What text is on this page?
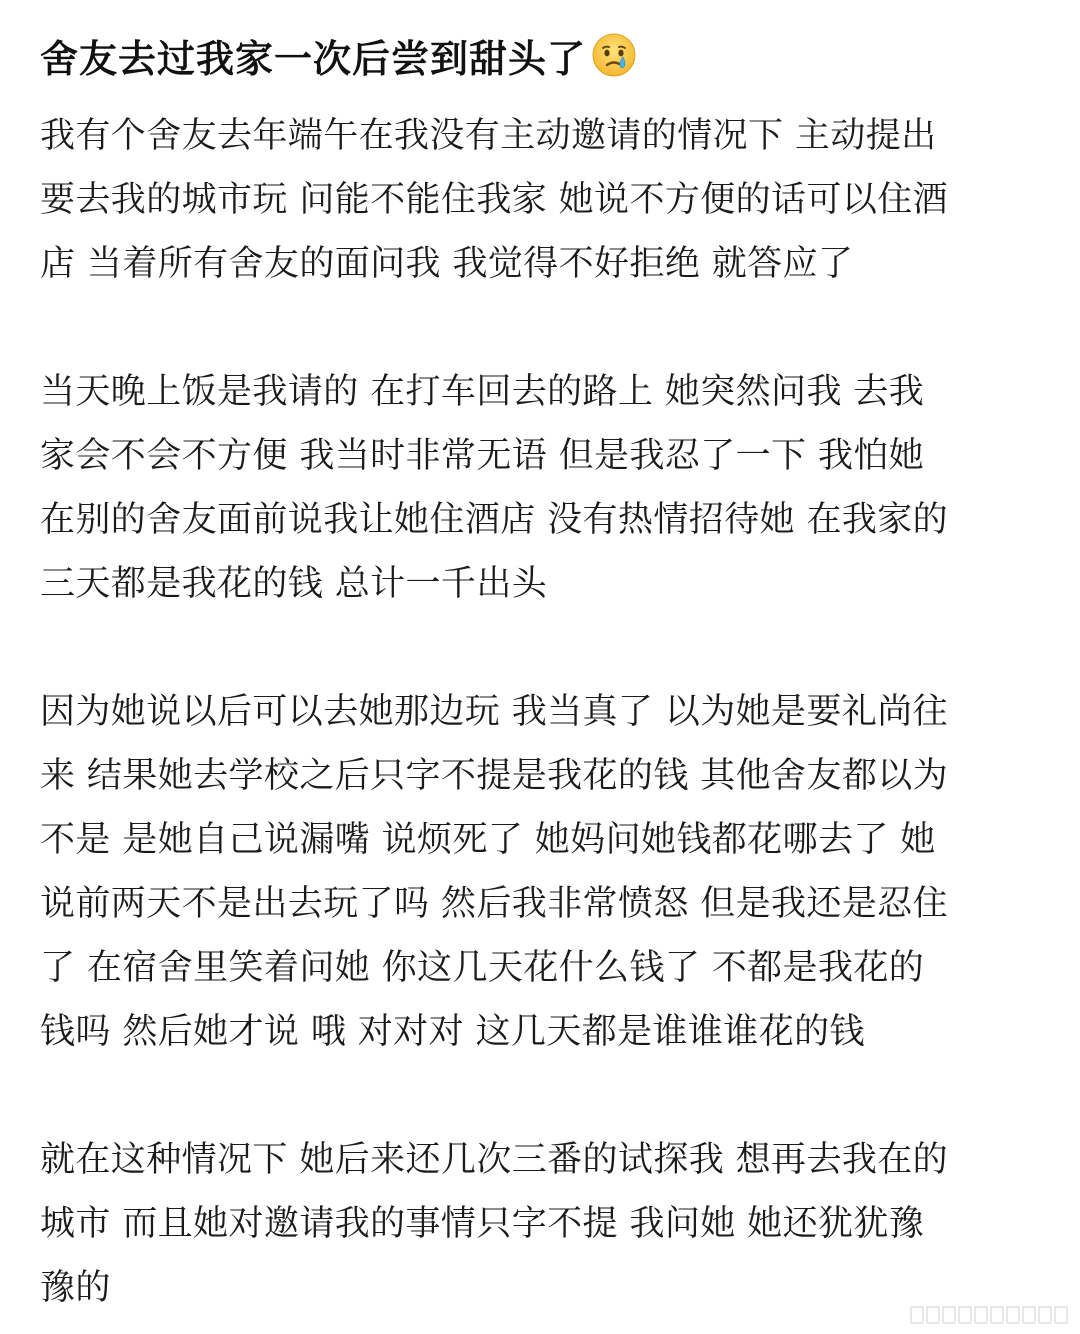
舍友去过我家一次后尝到甜头了
我有个舍友去年端午在我没有主动邀请的情况下 主动提出
要去我的城市玩 问能不能住我家 她说不方便的话可以住酒
店 当着所有舍友的面问我 我觉得不好拒绝 就答应了
当天晚上饭是我请的 在打车回去的路上 她突然问我 去我
家会不会不方便 我当时非常无语 但是我忍了一下 我怕她
在别的舍友面前说我让她住酒店 没有热情招待她 在我家的
三天都是我花的钱 总计一千出头
因为她说以后可以去她那边玩 我当真了 以为她是要礼尚往
来 结果她去学校之后只字不提是我花的钱 其他舍友都以为
不是 是她自己说漏嘴 说烦死了 她妈问她钱都花哪去了 她
说前两天不是出去玩了吗 然后我非常愤怒 但是我还是忍住
了 在宿舍里笑着问她 你这几天花什么钱了 不都是我花的
钱吗 然后她才说 哦 对对对 这几天都是谁谁谁花的钱
就在这种情况下 她后来还几次三番的试探我 想再去我在的
城市 而且她对邀请我的事情只字不提 我问她 她还犹犹豫
豫的
